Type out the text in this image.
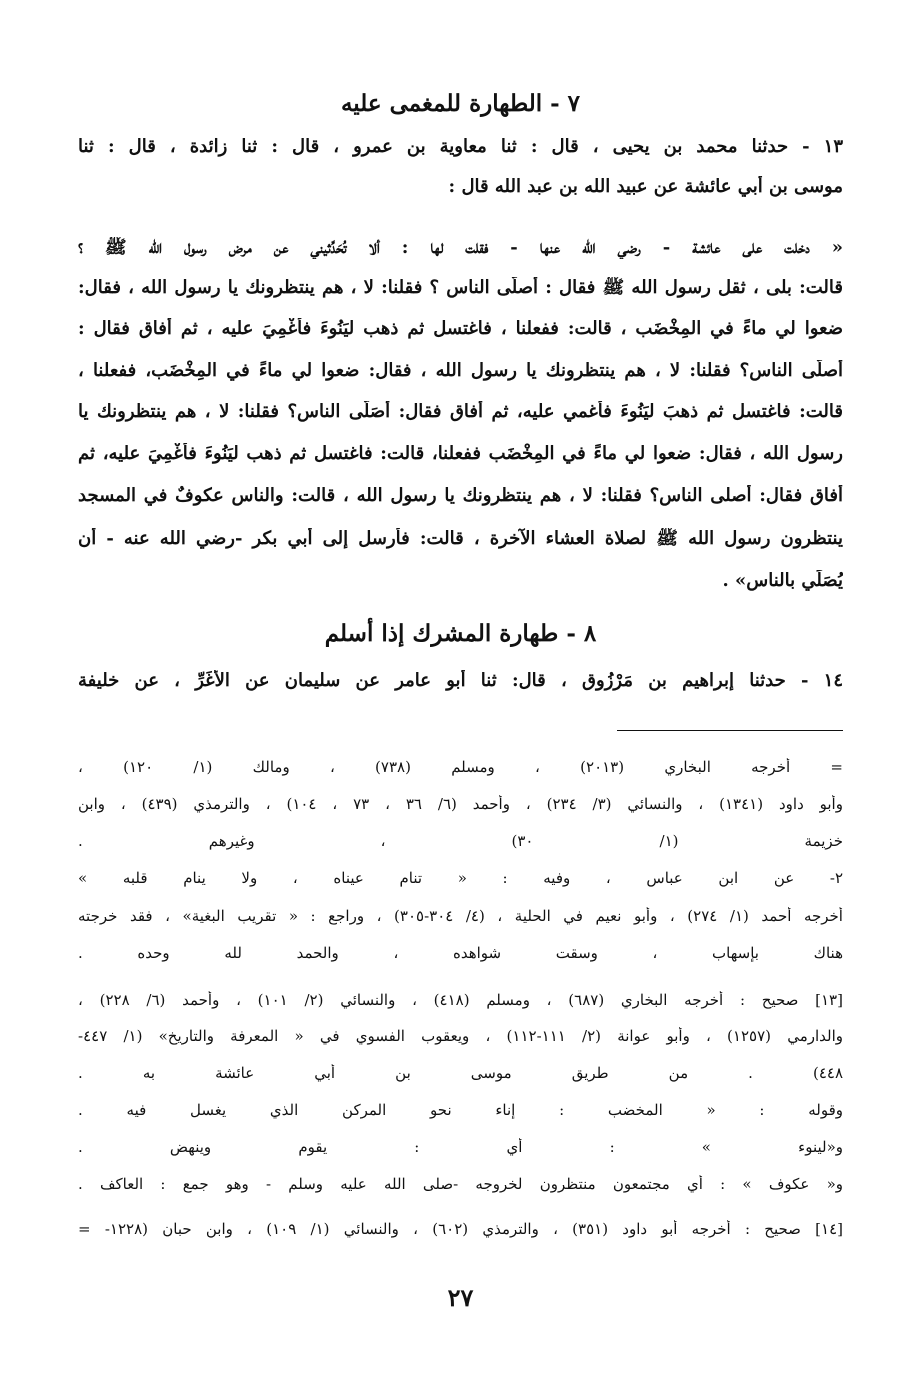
٧ - الطهارة للمغمى عليه
١٣ - حدثنا محمد بن يحيى ، قال : ثنا معاوية بن عمرو ، قال : ثنا زائدة ، قال : ثنا
موسى بن أبي عائشة عن عبيد الله بن عبد الله قال :
« دخلت على عائشة - رضي الله عنها - فقلت لها : ألا تُحَدِّثيني عن مرض رسول الله ﷺ ؟
قالت: بلى ، ثقل رسول الله ﷺ فقال : أصلَّى الناس ؟ فقلنا: لا ، هم ينتظرونك يا رسول الله ، فقال:
ضعوا لي ماءً في المِخْضَب ، قالت: ففعلنا ، فاغتسل ثم ذهب ليَنُوءَ فأُغْمِيَ عليه ، ثم أفاق فقال :
أصلَّى الناس؟ فقلنا: لا ، هم ينتظرونك يا رسول الله ، فقال: ضعوا لي ماءً في المِخْضَب، ففعلنا ،
قالت: فاغتسل ثم ذهبَ ليَنُوءَ فأغمي عليه، ثم أفاق فقال: أصَلَّى الناس؟ فقلنا: لا ، هم ينتظرونك يا
رسول الله ، فقال: ضعوا لي ماءً في المِخْضَب ففعلنا، قالت: فاغتسل ثم ذهب ليَنُوءَ فأُغْمِيَ عليه، ثم
أفاق فقال: أصلى الناس؟ فقلنا: لا ، هم ينتظرونك يا رسول الله ، قالت: والناس عكوفٌ في المسجد
ينتظرون رسول الله ﷺ لصلاة العشاء الآخرة ، قالت: فأرسل إلى أبي بكر -رضي الله عنه - أن
يُصَلِّي بالناس» .
٨ - طهارة المشرك إذا أسلم
١٤ - حدثنا إبراهيم بن مَرْزُوق ، قال: ثنا أبو عامر عن سليمان عن الأغَرِّ ، عن خليفة
= أخرجه البخاري (٢٠١٣) ، ومسلم (٧٣٨) ، ومالك (١/ ١٢٠) ،
وأبو داود (١٣٤١) ، والنسائي (٣/ ٢٣٤) ، وأحمد (٦/ ٣٦ ، ٧٣ ، ١٠٤) ، والترمذي (٤٣٩) ، وابن
خزيمة (١/ ٣٠) ، وغيرهم .
٢- عن ابن عباس ، وفيه : « تنام عيناه ، ولا ينام قلبه »
أخرجه أحمد (١/ ٢٧٤) ، وأبو نعيم في الحلية ، (٤/ ٣٠٤-٣٠٥) ، وراجع : « تقريب البغية» ، فقد خرجته
هناك بإسهاب ، وسقت شواهده ، والحمد لله وحده .
[١٣] صحيح : أخرجه البخاري (٦٨٧) ، ومسلم (٤١٨) ، والنسائي (٢/ ١٠١) ، وأحمد (٦/ ٢٢٨) ،
والدارمي (١٢٥٧) ، وأبو عوانة (٢/ ١١١-١١٢) ، ويعقوب الفسوي في « المعرفة والتاريخ» (١/ ٤٤٧-
٤٤٨) . من طريق موسى بن أبي عائشة به .
وقوله : « المخضب : إناء نحو المركن الذي يغسل فيه .
و«لينوء » : أي : يقوم وينهض .
و« عكوف » : أي مجتمعون منتظرون لخروجه -صلى الله عليه وسلم - وهو جمع : العاكف .
[١٤] صحيح : أخرجه أبو داود (٣٥١) ، والترمذي (٦٠٢) ، والنسائي (١/ ١٠٩) ، وابن حبان (١٢٢٨- =
٢٧
